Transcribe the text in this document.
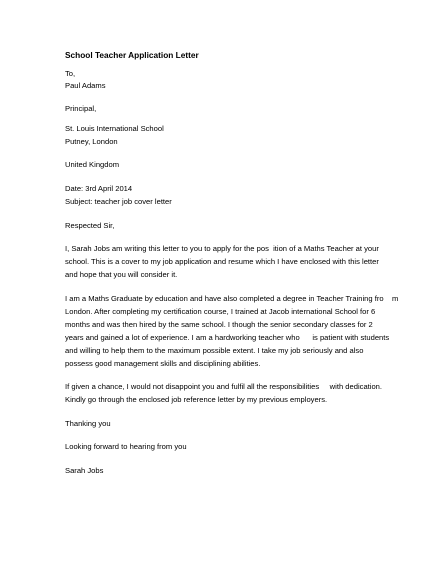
School Teacher Application Letter
To,
Paul Adams
Principal,
St. Louis International School
Putney, London
United Kingdom
Date: 3rd April 2014
Subject: teacher job cover letter
Respected Sir,
I, Sarah Jobs am writing this letter to you to apply for the pos  ition of a Maths Teacher at your
school. This is a cover to my job application and resume which I have enclosed with this letter
and hope that you will consider it.
I am a Maths Graduate by education and have also completed a degree in Teacher Training fro    m
London. After completing my certification course, I trained at Jacob international School for 6
months and was then hired by the same school. I though the senior secondary classes for 2
years and gained a lot of experience. I am a hardworking teacher who      is patient with students
and willing to help them to the maximum possible extent. I take my job seriously and also
possess good management skills and disciplining abilities.
If given a chance, I would not disappoint you and fulfil all the responsibilities     with dedication.
Kindly go through the enclosed job reference letter by my previous employers.
Thanking you
Looking forward to hearing from you
Sarah Jobs
